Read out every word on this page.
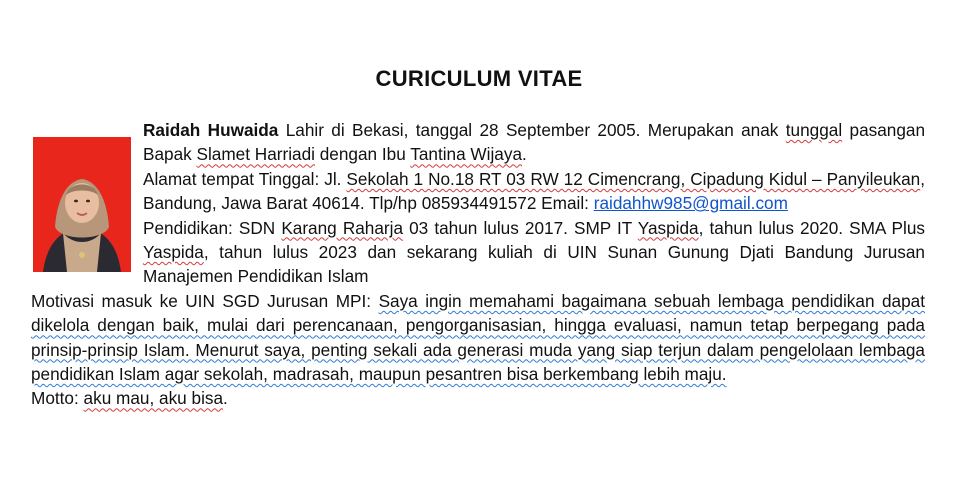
CURICULUM VITAE

Raidah Huwaida Lahir di Bekasi, tanggal 28 September 2005. Merupakan anak tunggal pasangan Bapak Slamet Harriadi dengan Ibu Tantina Wijaya.

Alamat tempat Tinggal: Jl. Sekolah 1 No.18 RT 03 RW 12 Cimencrang, Cipadung Kidul – Panyileukan, Bandung, Jawa Barat 40614. Tlp/hp 085934491572 Email: raidahhw985@gmail.com

Pendidikan: SDN Karang Raharja 03 tahun lulus 2017. SMP IT Yaspida, tahun lulus 2020. SMA Plus Yaspida, tahun lulus 2023 dan sekarang kuliah di UIN Sunan Gunung Djati Bandung Jurusan Manajemen Pendidikan Islam

Motivasi masuk ke UIN SGD Jurusan MPI: Saya ingin memahami bagaimana sebuah lembaga pendidikan dapat dikelola dengan baik, mulai dari perencanaan, pengorganisasian, hingga evaluasi, namun tetap berpegang pada prinsip-prinsip Islam. Menurut saya, penting sekali ada generasi muda yang siap terjun dalam pengelolaan lembaga pendidikan Islam agar sekolah, madrasah, maupun pesantren bisa berkembang lebih maju.

Motto: aku mau, aku bisa.
